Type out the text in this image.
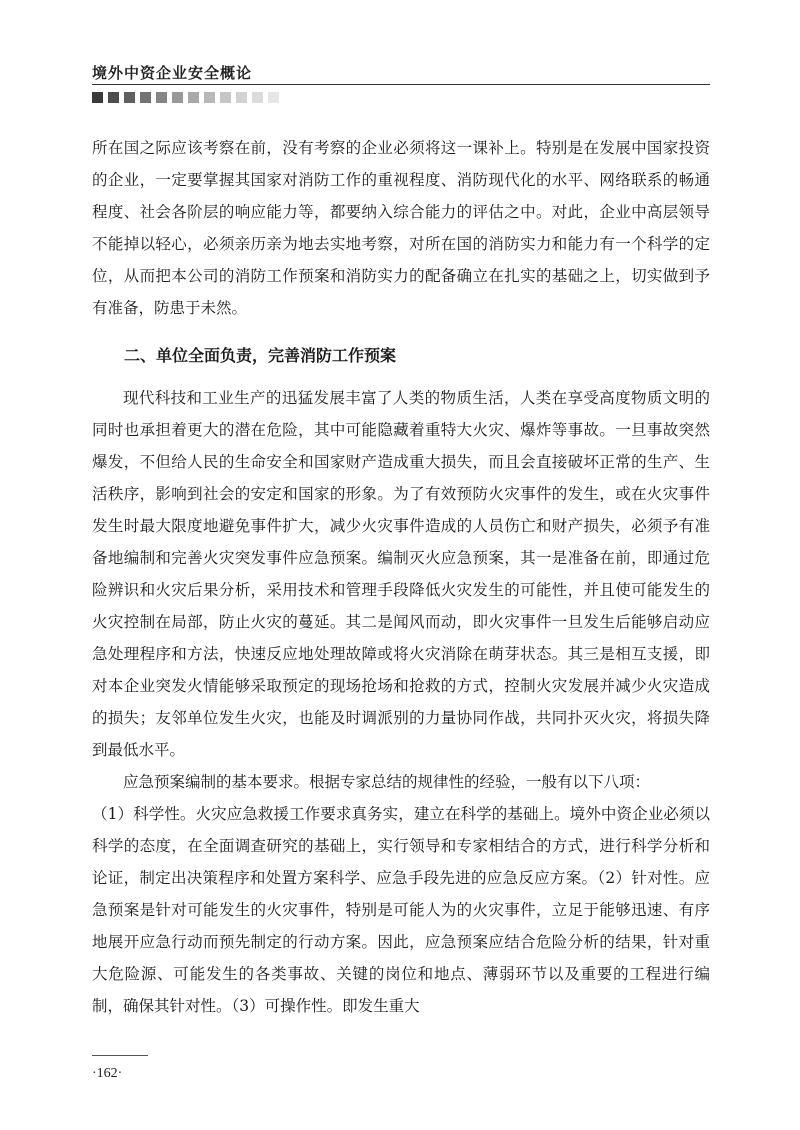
境外中资企业安全概论

所在国之际应该考察在前，没有考察的企业必须将这一课补上。特别是在发展中国家投资的企业，一定要掌握其国家对消防工作的重视程度、消防现代化的水平、网络联系的畅通程度、社会各阶层的响应能力等，都要纳入综合能力的评估之中。对此，企业中高层领导不能掉以轻心，必须亲历亲为地去实地考察，对所在国的消防实力和能力有一个科学的定位，从而把本公司的消防工作预案和消防实力的配备确立在扎实的基础之上，切实做到予有准备，防患于未然。

二、单位全面负责，完善消防工作预案

现代科技和工业生产的迅猛发展丰富了人类的物质生活，人类在享受高度物质文明的同时也承担着更大的潜在危险，其中可能隐藏着重特大火灾、爆炸等事故。一旦事故突然爆发，不但给人民的生命安全和国家财产造成重大损失，而且会直接破坏正常的生产、生活秩序，影响到社会的安定和国家的形象。为了有效预防火灾事件的发生，或在火灾事件发生时最大限度地避免事件扩大，减少火灾事件造成的人员伤亡和财产损失，必须予有准备地编制和完善火灾突发事件应急预案。编制灭火应急预案，其一是准备在前，即通过危险辨识和火灾后果分析，采用技术和管理手段降低火灾发生的可能性，并且使可能发生的火灾控制在局部，防止火灾的蔓延。其二是闻风而动，即火灾事件一旦发生后能够启动应急处理程序和方法，快速反应地处理故障或将火灾消除在萌芽状态。其三是相互支援，即对本企业突发火情能够采取预定的现场抢场和抢救的方式，控制火灾发展并减少火灾造成的损失；友邻单位发生火灾，也能及时调派别的力量协同作战，共同扑灭火灾，将损失降到最低水平。

应急预案编制的基本要求。根据专家总结的规律性的经验，一般有以下八项：

（1）科学性。火灾应急救援工作要求真务实，建立在科学的基础上。境外中资企业必须以科学的态度，在全面调查研究的基础上，实行领导和专家相结合的方式，进行科学分析和论证，制定出决策程序和处置方案科学、应急手段先进的应急反应方案。（2）针对性。应急预案是针对可能发生的火灾事件，特别是可能人为的火灾事件，立足于能够迅速、有序地展开应急行动而预先制定的行动方案。因此，应急预案应结合危险分析的结果，针对重大危险源、可能发生的各类事故、关键的岗位和地点、薄弱环节以及重要的工程进行编制，确保其针对性。（3）可操作性。即发生重大

·162·
